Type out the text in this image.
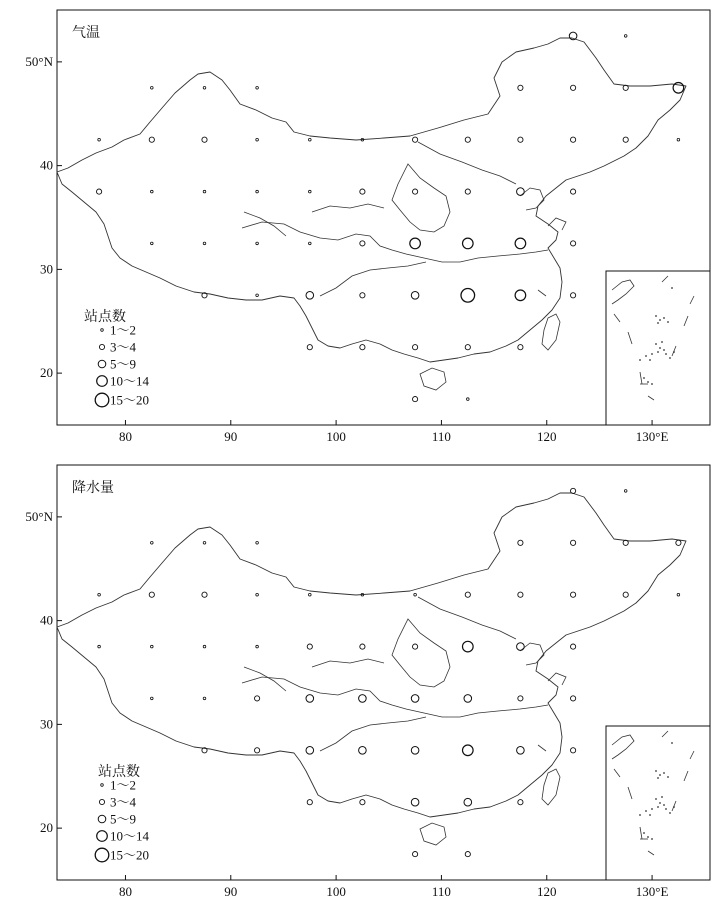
气温
80	90	100	110	120	130°E
20
30
40
50°N
站点数
1～2
3～4
5～9
10～14
15～20
降水量
80	90	100	110	120	130°E
20
30
40
50°N
站点数
1～2
3～4
5～9
10～14
15～20
